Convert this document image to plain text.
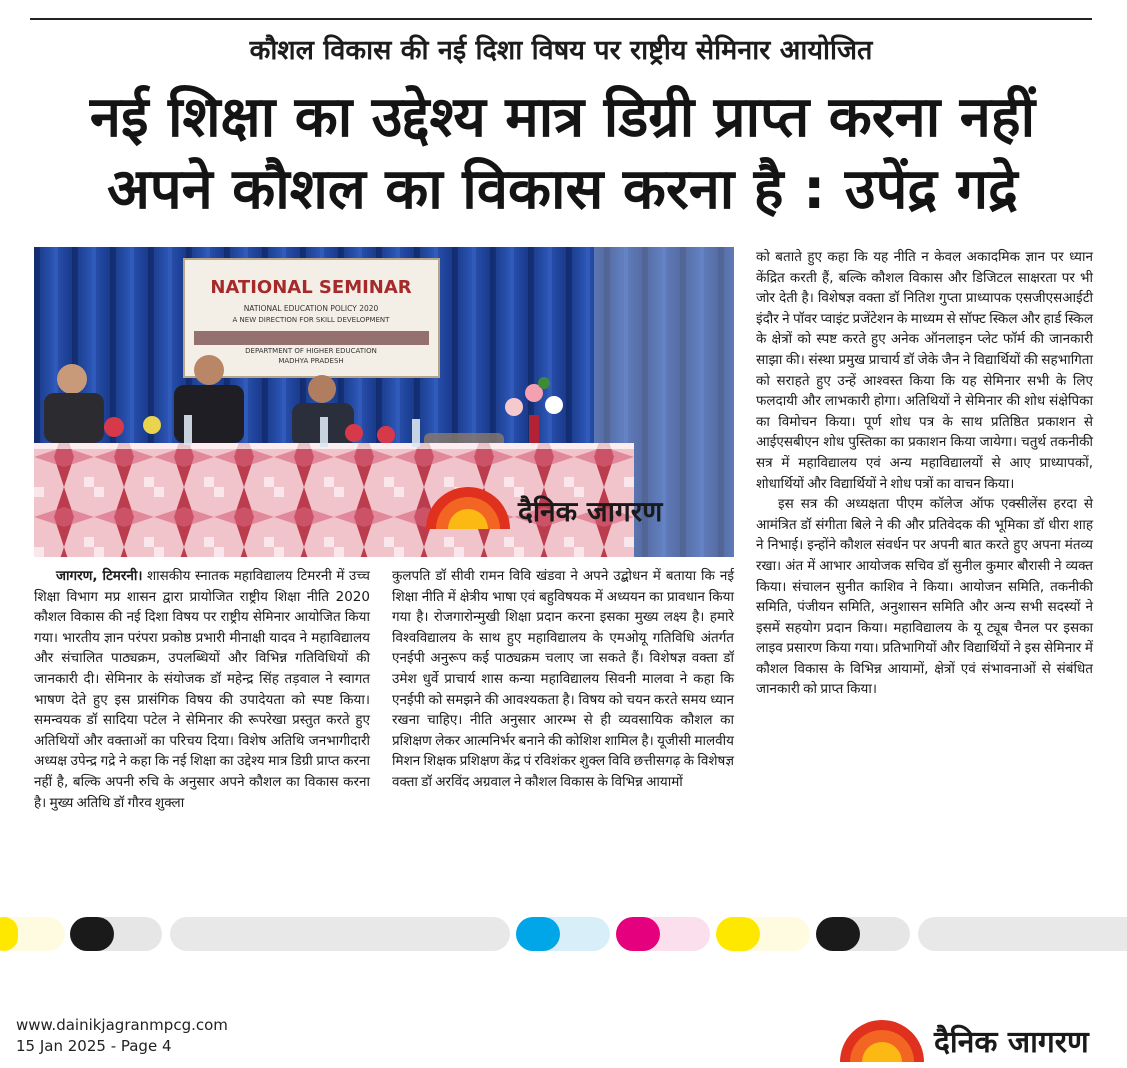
कौशल विकास की नई दिशा विषय पर राष्ट्रीय सेमिनार आयोजित
नई शिक्षा का उद्देश्य मात्र डिग्री प्राप्त करना नहीं
अपने कौशल का विकास करना है : उपेंद्र गद्रे
NATIONAL SEMINAR
NATIONAL EDUCATION POLICY 2020
A NEW DIRECTION FOR SKILL DEVELOPMENT
DEPARTMENT OF HIGHER EDUCATION
MADHYA PRADESH
दैनिक जागरण

जागरण, टिमरनी। शासकीय स्नातक महाविद्यालय टिमरनी में उच्च शिक्षा विभाग मप्र शासन द्वारा प्रायोजित राष्ट्रीय शिक्षा नीति 2020 कौशल विकास की नई दिशा विषय पर राष्ट्रीय सेमिनार आयोजित किया गया। भारतीय ज्ञान परंपरा प्रकोष्ठ प्रभारी मीनाक्षी यादव ने महाविद्यालय और संचालित पाठ्यक्रम, उपलब्धियों और विभिन्न गतिविधियों की जानकारी दी। सेमिनार के संयोजक डॉ महेन्द्र सिंह तड़वाल ने स्वागत भाषण देते हुए इस प्रासंगिक विषय की उपादेयता को स्पष्ट किया। समन्वयक डॉ सादिया पटेल ने सेमिनार की रूपरेखा प्रस्तुत करते हुए अतिथियों और वक्ताओं का परिचय दिया। विशेष अतिथि जनभागीदारी अध्यक्ष उपेन्द्र गद्रे ने कहा कि नई शिक्षा का उद्देश्य मात्र डिग्री प्राप्त करना नहीं है, बल्कि अपनी रुचि के अनुसार अपने कौशल का विकास करना है। मुख्य अतिथि डॉ गौरव शुक्ला

कुलपति डॉ सीवी रामन विवि खंडवा ने अपने उद्बोधन में बताया कि नई शिक्षा नीति में क्षेत्रीय भाषा एवं बहुविषयक में अध्ययन का प्रावधान किया गया है। रोजगारोन्मुखी शिक्षा प्रदान करना इसका मुख्य लक्ष्य है। हमारे विश्वविद्यालय के साथ हुए महाविद्यालय के एमओयू गतिविधि अंतर्गत एनईपी अनुरूप कई पाठ्यक्रम चलाए जा सकते हैं। विशेषज्ञ वक्ता डॉ उमेश धुर्वे प्राचार्य शास कन्या महाविद्यालय सिवनी मालवा ने कहा कि एनईपी को समझने की आवश्यकता है। विषय को चयन करते समय ध्यान रखना चाहिए। नीति अनुसार आरम्भ से ही व्यवसायिक कौशल का प्रशिक्षण लेकर आत्मनिर्भर बनाने की कोशिश शामिल है। यूजीसी मालवीय मिशन शिक्षक प्रशिक्षण केंद्र पं रविशंकर शुक्ल विवि छत्तीसगढ़ के विशेषज्ञ वक्ता डॉ अरविंद अग्रवाल ने कौशल विकास के विभिन्न आयामों

को बताते हुए कहा कि यह नीति न केवल अकादमिक ज्ञान पर ध्यान केंद्रित करती हैं, बल्कि कौशल विकास और डिजिटल साक्षरता पर भी जोर देती है। विशेषज्ञ वक्ता डॉ नितिश गुप्ता प्राध्यापक एसजीएसआईटी इंदौर ने पॉवर प्वाइंट प्रजेंटेशन के माध्यम से सॉफ्ट स्किल और हार्ड स्किल के क्षेत्रों को स्पष्ट करते हुए अनेक ऑनलाइन प्लेट फॉर्म की जानकारी साझा की। संस्था प्रमुख प्राचार्य डॉ जेके जैन ने विद्यार्थियों की सहभागिता को सराहते हुए उन्हें आश्वस्त किया कि यह सेमिनार सभी के लिए फलदायी और लाभकारी होगा। अतिथियों ने सेमिनार की शोध संक्षेपिका का विमोचन किया। पूर्ण शोध पत्र के साथ प्रतिष्ठित प्रकाशन से आईएसबीएन शोध पुस्तिका का प्रकाशन किया जायेगा। चतुर्थ तकनीकी सत्र में महाविद्यालय एवं अन्य महाविद्यालयों से आए प्राध्यापकों, शोधार्थियों और विद्यार्थियों ने शोध पत्रों का वाचन किया।

इस सत्र की अध्यक्षता पीएम कॉलेज ऑफ एक्सीलेंस हरदा से आमंत्रित डॉ संगीता बिले ने की और प्रतिवेदक की भूमिका डॉ धीरा शाह ने निभाई। इन्होंने कौशल संवर्धन पर अपनी बात करते हुए अपना मंतव्य रखा। अंत में आभार आयोजक सचिव डॉ सुनील कुमार बौरासी ने व्यक्त किया। संचालन सुनीत काशिव ने किया। आयोजन समिति, तकनीकी समिति, पंजीयन समिति, अनुशासन समिति और अन्य सभी सदस्यों ने इसमें सहयोग प्रदान किया। महाविद्यालय के यू ट्यूब चैनल पर इसका लाइव प्रसारण किया गया। प्रतिभागियों और विद्यार्थियों ने इस सेमिनार में कौशल विकास के विभिन्न आयामों, क्षेत्रों एवं संभावनाओं से संबंधित जानकारी को प्राप्त किया।

www.dainikjagranmpcg.com
15 Jan 2025 - Page 4	दैनिक जागरण
